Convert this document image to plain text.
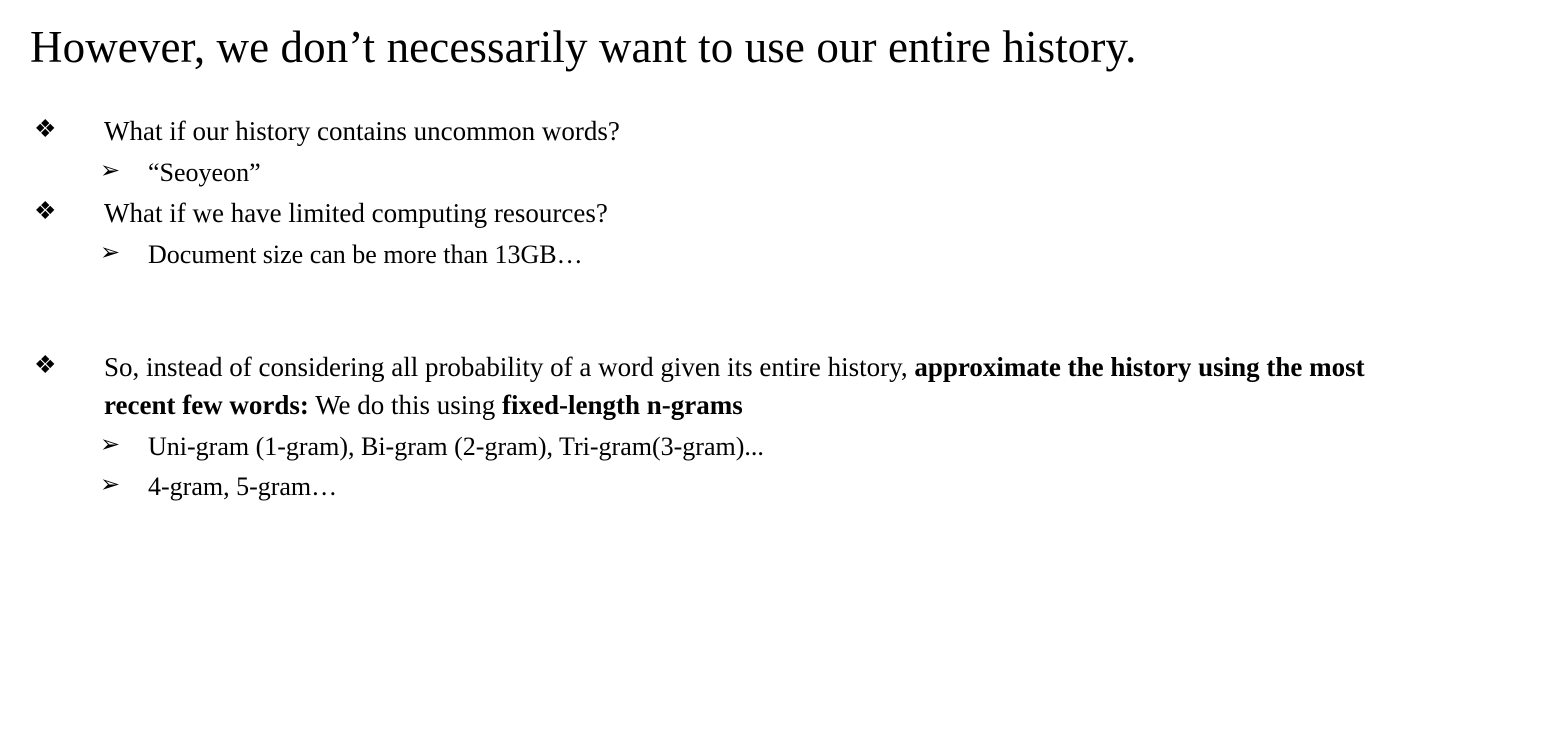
However, we don’t necessarily want to use our entire history.
❖	What if our history contains uncommon words?
➢	“Seoyeon”
❖	What if we have limited computing resources?
➢	Document size can be more than 13GB…
❖	So, instead of considering all probability of a word given its entire history, approximate the history using the most recent few words: We do this using fixed-length n-grams
➢	Uni-gram (1-gram), Bi-gram (2-gram), Tri-gram(3-gram)...
➢	4-gram, 5-gram…
